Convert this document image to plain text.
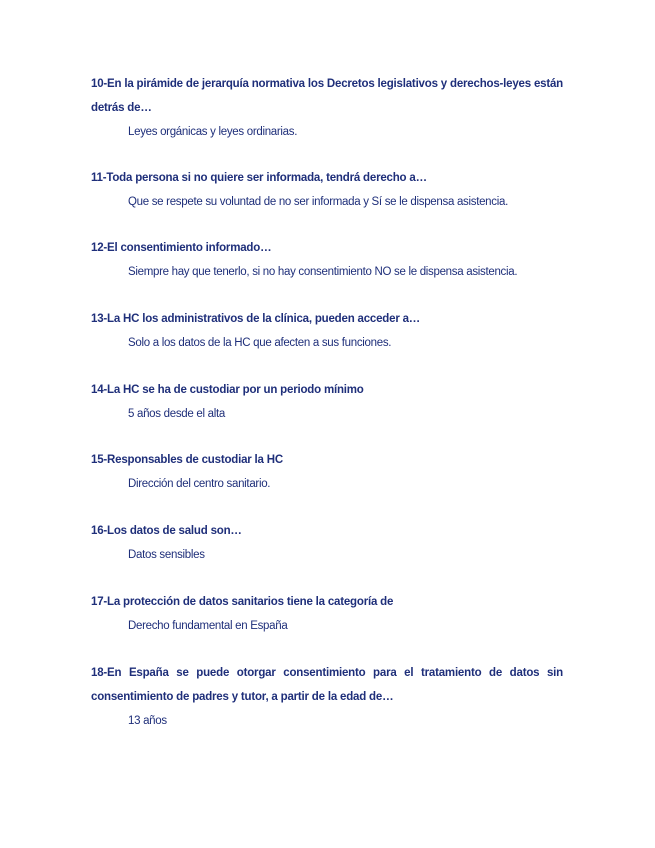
10-En la pirámide de jerarquía normativa los Decretos legislativos y derechos-leyes están detrás de…

Leyes orgánicas y leyes ordinarias.

11-Toda persona si no quiere ser informada, tendrá derecho a…

Que se respete su voluntad de no ser informada y Sí se le dispensa asistencia.

12-El consentimiento informado…

Siempre hay que tenerlo, si no hay consentimiento NO se le dispensa asistencia.

13-La HC los administrativos de la clínica, pueden acceder a…

Solo a los datos de la HC que afecten a sus funciones.

14-La HC se ha de custodiar por un periodo mínimo

5 años desde el alta

15-Responsables de custodiar la HC

Dirección del centro sanitario.

16-Los datos de salud son…

Datos sensibles

17-La protección de datos sanitarios tiene la categoría de

Derecho fundamental en España

18-En España se puede otorgar consentimiento para el tratamiento de datos sin consentimiento de padres y tutor, a partir de la edad de…

13 años
